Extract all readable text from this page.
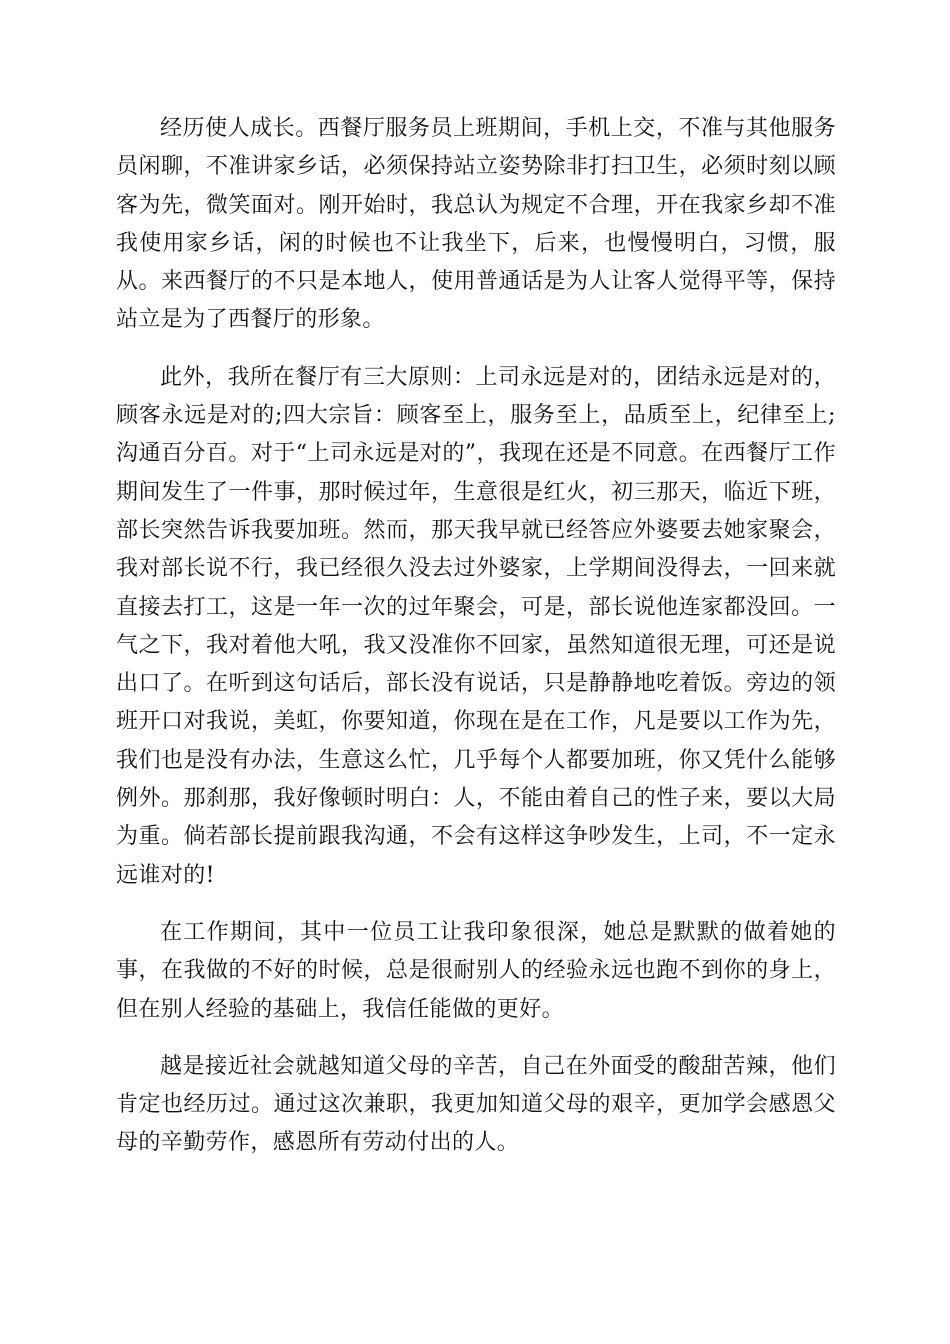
经历使人成长。西餐厅服务员上班期间，手机上交，不准与其他服务员闲聊，不准讲家乡话，必须保持站立姿势除非打扫卫生，必须时刻以顾客为先，微笑面对。刚开始时，我总认为规定不合理，开在我家乡却不准我使用家乡话，闲的时候也不让我坐下，后来，也慢慢明白，习惯，服从。来西餐厅的不只是本地人，使用普通话是为人让客人觉得平等，保持站立是为了西餐厅的形象。

此外，我所在餐厅有三大原则：上司永远是对的，团结永远是对的，顾客永远是对的;四大宗旨：顾客至上，服务至上，品质至上，纪律至上;沟通百分百。对于“上司永远是对的”，我现在还是不同意。在西餐厅工作期间发生了一件事，那时候过年，生意很是红火，初三那天，临近下班，部长突然告诉我要加班。然而，那天我早就已经答应外婆要去她家聚会，我对部长说不行，我已经很久没去过外婆家，上学期间没得去，一回来就直接去打工，这是一年一次的过年聚会，可是，部长说他连家都没回。一气之下，我对着他大吼，我又没准你不回家，虽然知道很无理，可还是说出口了。在听到这句话后，部长没有说话，只是静静地吃着饭。旁边的领班开口对我说，美虹，你要知道，你现在是在工作，凡是要以工作为先，我们也是没有办法，生意这么忙，几乎每个人都要加班，你又凭什么能够例外。那刹那，我好像顿时明白：人，不能由着自己的性子来，要以大局为重。倘若部长提前跟我沟通，不会有这样这争吵发生，上司，不一定永远谁对的!

在工作期间，其中一位员工让我印象很深，她总是默默的做着她的事，在我做的不好的时候，总是很耐别人的经验永远也跑不到你的身上，但在别人经验的基础上，我信任能做的更好。

越是接近社会就越知道父母的辛苦，自己在外面受的酸甜苦辣，他们肯定也经历过。通过这次兼职，我更加知道父母的艰辛，更加学会感恩父母的辛勤劳作，感恩所有劳动付出的人。
